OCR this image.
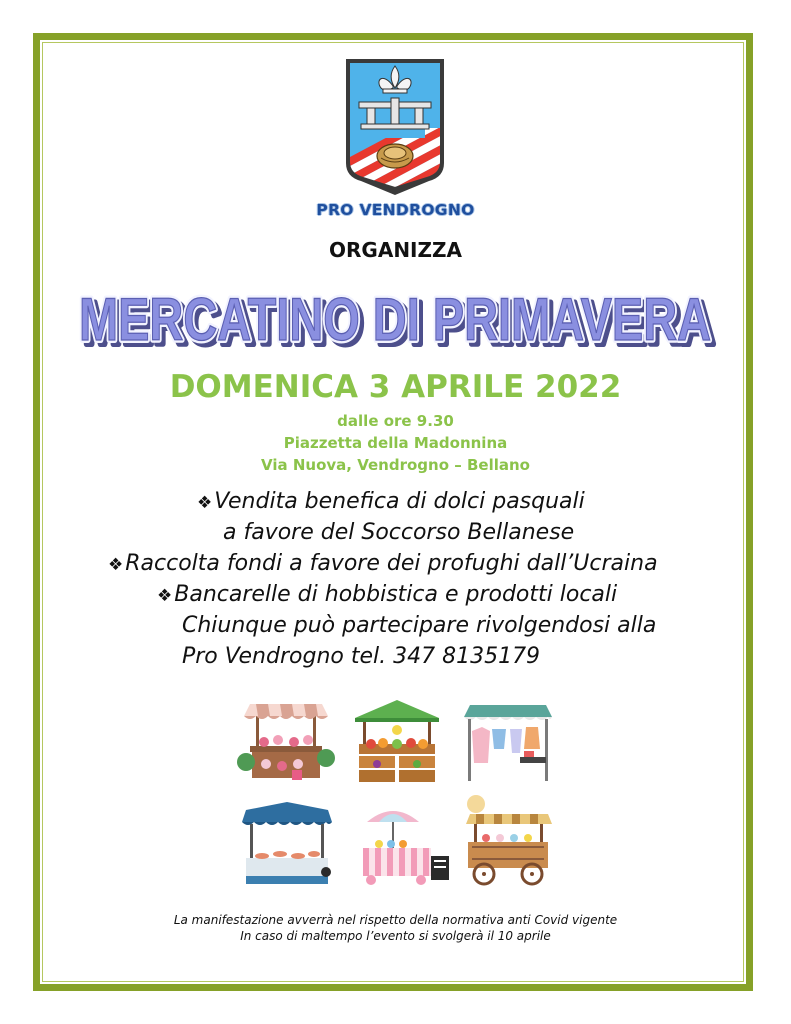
PRO VENDROGNO
ORGANIZZA
MERCATINO DI PRIMAVERA
MERCATINO DI PRIMAVERA
MERCATINO DI PRIMAVERA
DOMENICA 3 APRILE 2022
dalle ore 9.30
Piazzetta della Madonnina
Via Nuova, Vendrogno – Bellano
❖Vendita benefica di dolci pasquali
a favore del Soccorso Bellanese
❖Raccolta fondi a favore dei profughi dall’Ucraina
❖Bancarelle di hobbistica e prodotti locali
Chiunque può partecipare rivolgendosi alla
Pro Vendrogno tel. 347 8135179
La manifestazione avverrà nel rispetto della normativa anti Covid vigente
In caso di maltempo l’evento si svolgerà il 10 aprile
